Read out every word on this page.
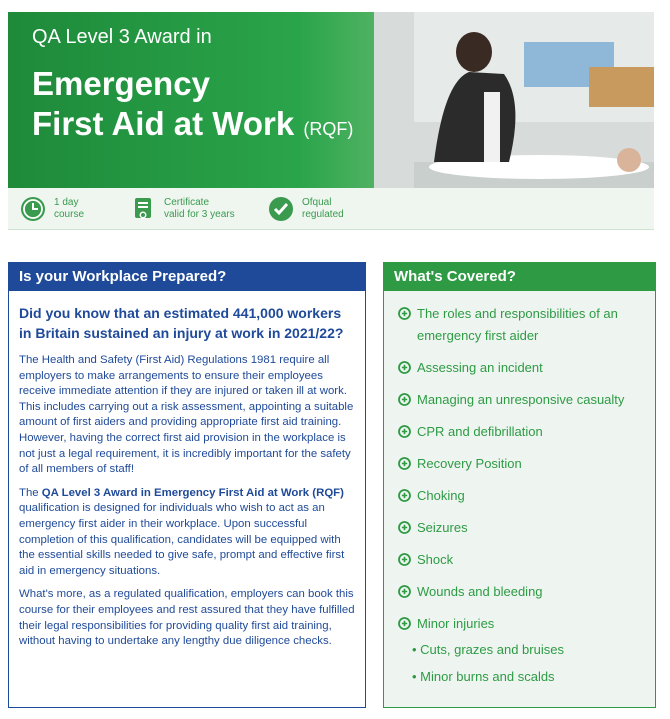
QA Level 3 Award in
Emergency
First Aid at Work (RQF)
1 day
course
Certificate
valid for 3 years
Ofqual
regulated
Is your Workplace Prepared?

Did you know that an estimated 441,000 workers in Britain sustained an injury at work in 2021/22?

The Health and Safety (First Aid) Regulations 1981 require all employers to make arrangements to ensure their employees receive immediate attention if they are injured or taken ill at work. This includes carrying out a risk assessment, appointing a suitable amount of first aiders and providing appropriate first aid training. However, having the correct first aid provision in the workplace is not just a legal requirement, it is incredibly important for the safety of all members of staff!

The QA Level 3 Award in Emergency First Aid at Work (RQF) qualification is designed for individuals who wish to act as an emergency first aider in their workplace. Upon successful completion of this qualification, candidates will be equipped with the essential skills needed to give safe, prompt and effective first aid in emergency situations.

What's more, as a regulated qualification, employers can book this course for their employees and rest assured that they have fulfilled their legal responsibilities for providing quality first aid training, without having to undertake any lengthy due diligence checks.

What's Covered?
The roles and responsibilities of an emergency first aider
Assessing an incident
Managing an unresponsive casualty
CPR and defibrillation
Recovery Position
Choking
Seizures
Shock
Wounds and bleeding
Minor injuries
• Cuts, grazes and bruises
• Minor burns and scalds
